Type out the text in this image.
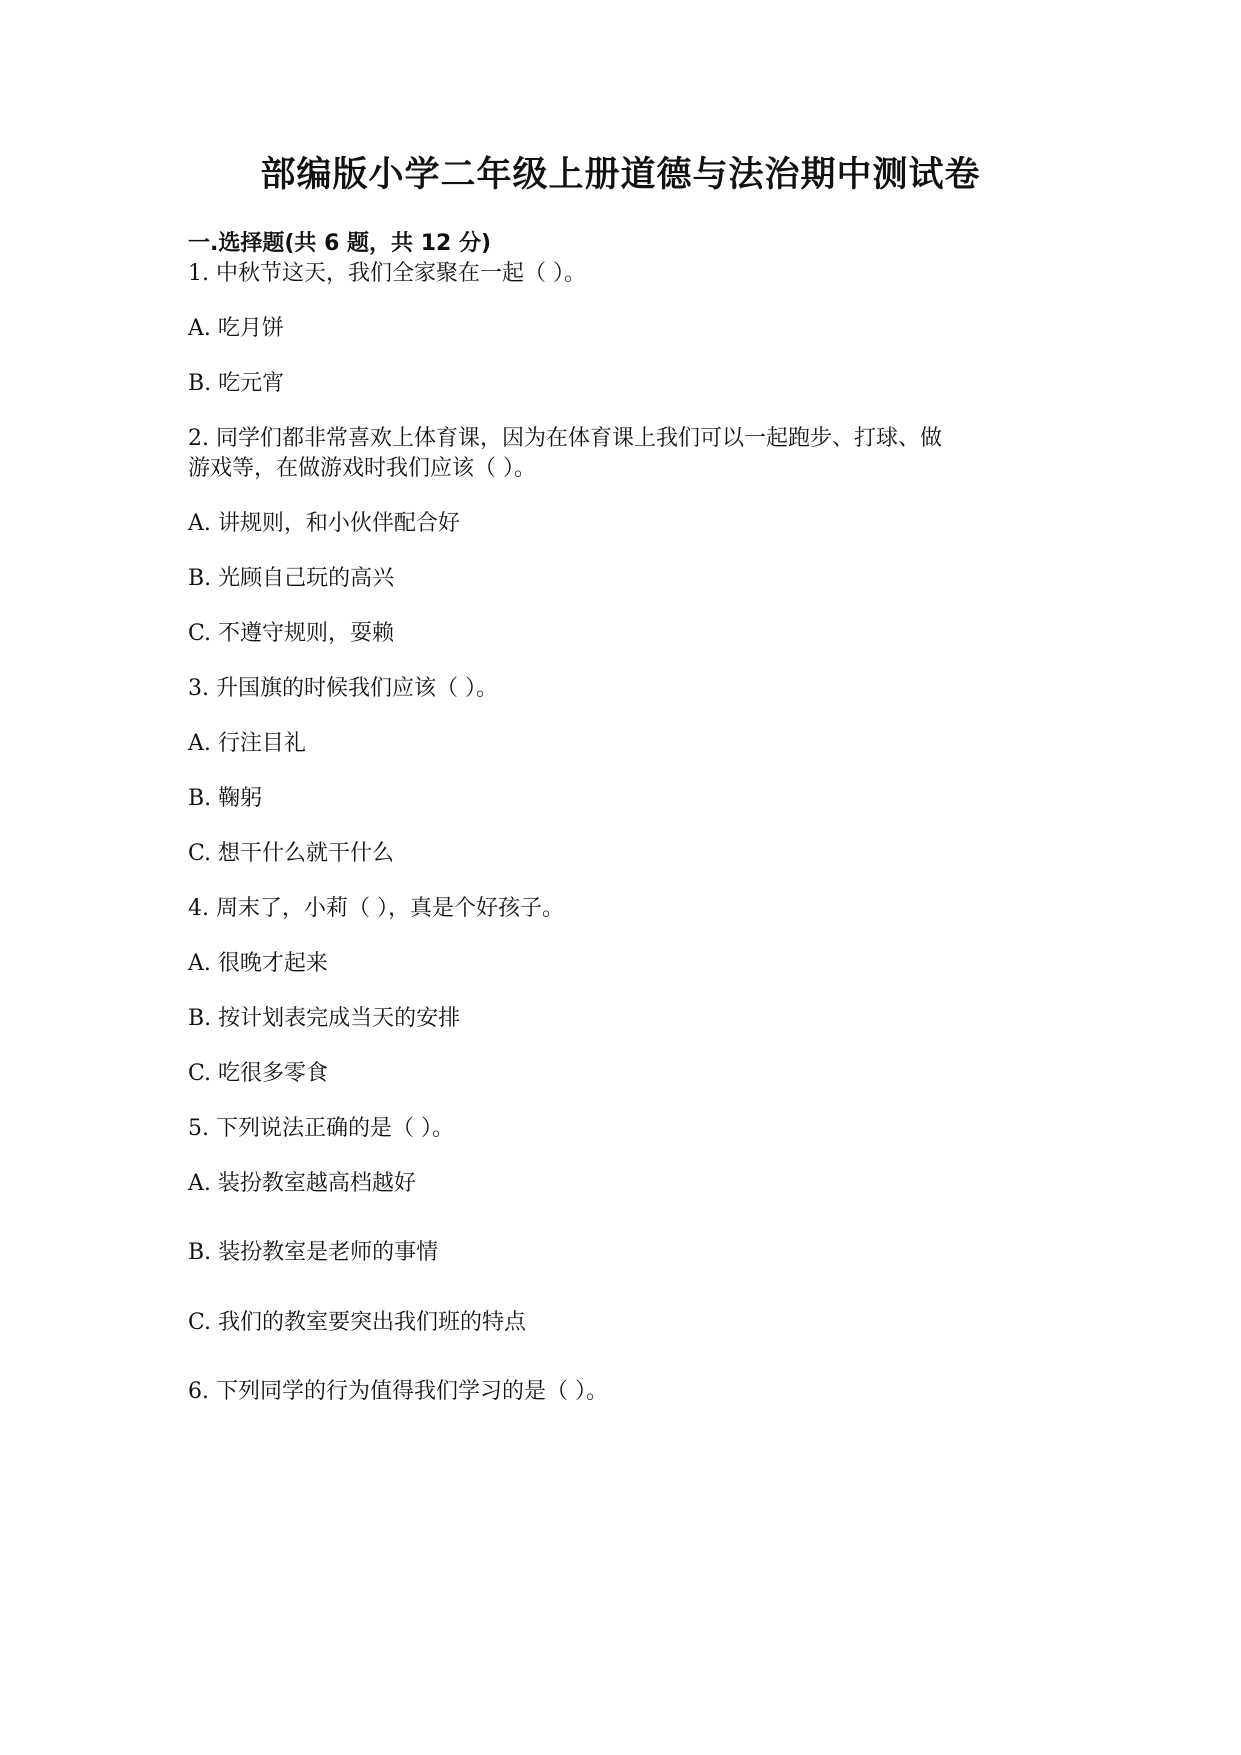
部编版小学二年级上册道德与法治期中测试卷
一.选择题(共 6 题，共 12 分)
1. 中秋节这天，我们全家聚在一起（ ）。
A. 吃月饼
B. 吃元宵
2. 同学们都非常喜欢上体育课，因为在体育课上我们可以一起跑步、打球、做
游戏等，在做游戏时我们应该（ ）。
A. 讲规则，和小伙伴配合好
B. 光顾自己玩的高兴
C. 不遵守规则，耍赖
3. 升国旗的时候我们应该（ ）。
A. 行注目礼
B. 鞠躬
C. 想干什么就干什么
4. 周末了，小莉（ ），真是个好孩子。
A. 很晚才起来
B. 按计划表完成当天的安排
C. 吃很多零食
5. 下列说法正确的是（ ）。
A. 装扮教室越高档越好
B. 装扮教室是老师的事情
C. 我们的教室要突出我们班的特点
6. 下列同学的行为值得我们学习的是（ ）。
